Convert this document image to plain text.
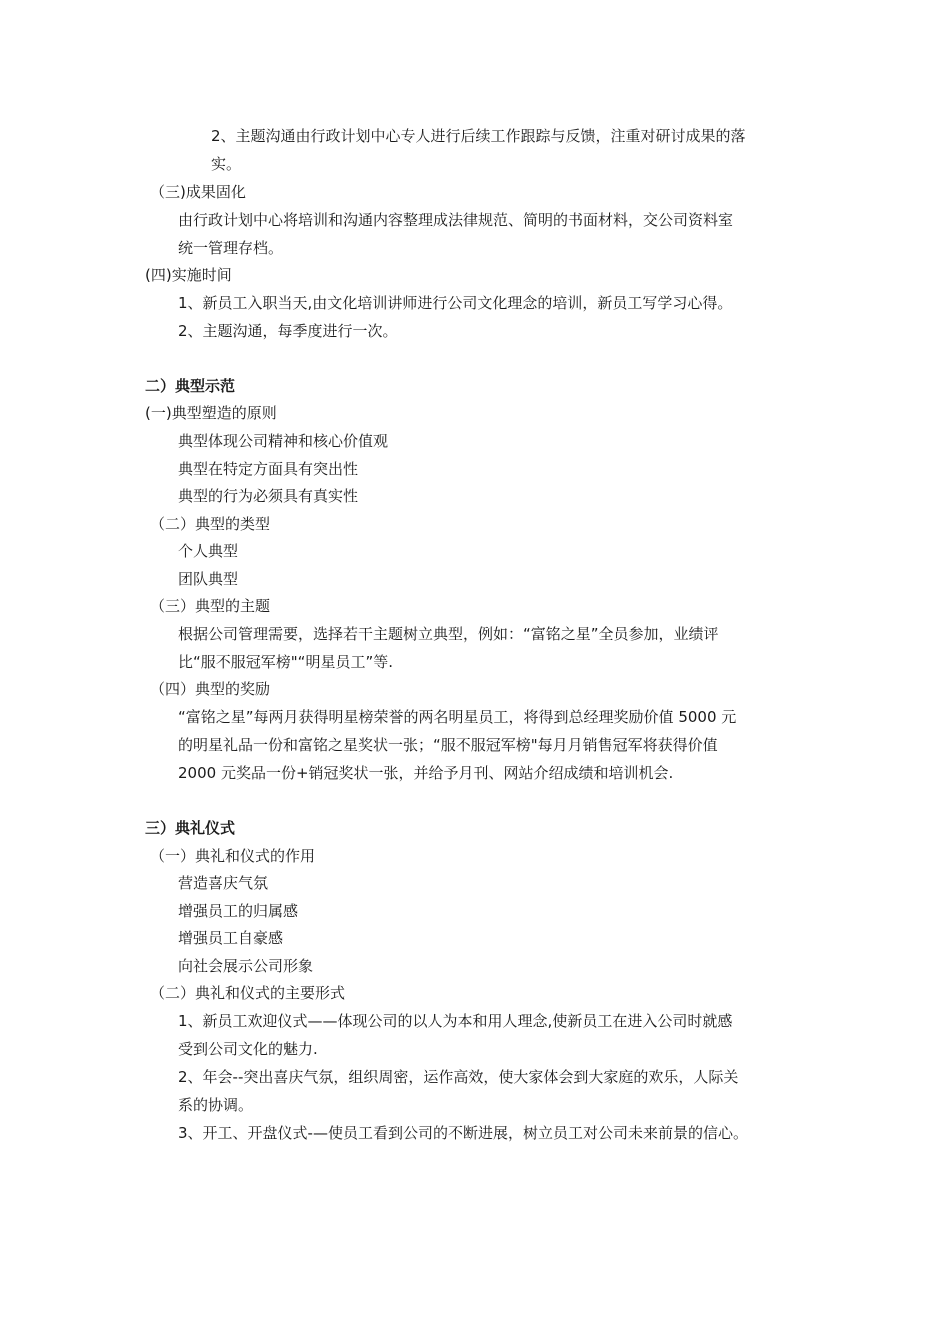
2、主题沟通由行政计划中心专人进行后续工作跟踪与反馈，注重对研讨成果的落
实。
（三)成果固化
由行政计划中心将培训和沟通内容整理成法律规范、简明的书面材料，交公司资料室
统一管理存档。
(四)实施时间
1、新员工入职当天,由文化培训讲师进行公司文化理念的培训，新员工写学习心得。
2、主题沟通，每季度进行一次。
二）典型示范
(一)典型塑造的原则
典型体现公司精神和核心价值观
典型在特定方面具有突出性
典型的行为必须具有真实性
（二）典型的类型
个人典型
团队典型
（三）典型的主题
根据公司管理需要，选择若干主题树立典型，例如：“富铭之星”全员参加，业绩评
比“服不服冠军榜"“明星员工”等.
（四）典型的奖励
“富铭之星”每两月获得明星榜荣誉的两名明星员工，将得到总经理奖励价值 5000 元
的明星礼品一份和富铭之星奖状一张；“服不服冠军榜"每月月销售冠军将获得价值
2000 元奖品一份+销冠奖状一张，并给予月刊、网站介绍成绩和培训机会.
三）典礼仪式
（一）典礼和仪式的作用
营造喜庆气氛
增强员工的归属感
增强员工自豪感
向社会展示公司形象
（二）典礼和仪式的主要形式
1、新员工欢迎仪式——体现公司的以人为本和用人理念,使新员工在进入公司时就感
受到公司文化的魅力.
2、年会--突出喜庆气氛，组织周密，运作高效，使大家体会到大家庭的欢乐，人际关
系的协调。
3、开工、开盘仪式-—使员工看到公司的不断进展，树立员工对公司未来前景的信心。
